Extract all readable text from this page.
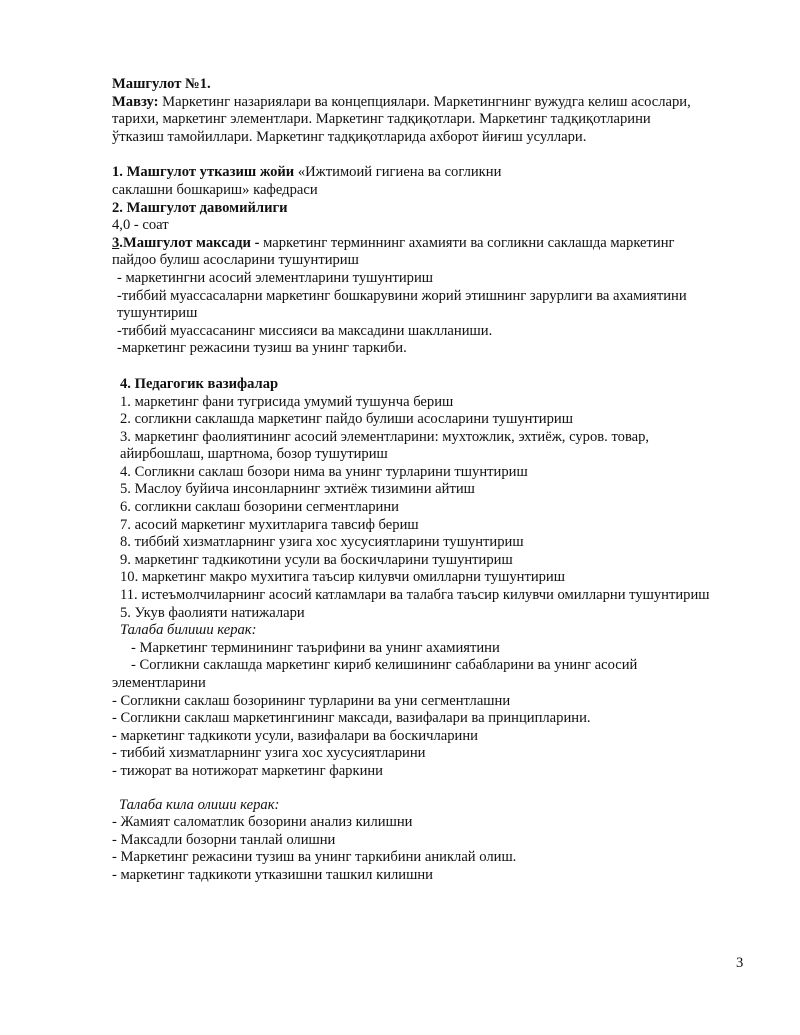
Машгулот №1.
Мавзу: Маркетинг назариялари ва концепциялари. Маркетингнинг вужудга келиш асослари,
тарихи, маркетинг элементлари. Маркетинг тадқиқотлари. Маркетинг тадқиқотларини
ўтказиш тамойиллари. Маркетинг тадқиқотларида ахборот йиғиш усуллари.
1. Машгулот утказиш жойи «Ижтимоий гигиена ва согликни
саклашни бошкариш» кафедраси
2. Машгулот давомийлиги
4,0 - соат
3.Машгулот максади - маркетинг терминнинг ахамияти ва согликни саклашда маркетинг
пайдоо булиш асосларини тушунтириш
- маркетингни асосий элементларини тушунтириш
-тиббий муассасаларни маркетинг бошкарувини жорий этишнинг зарурлиги ва ахамиятини
тушунтириш
-тиббий муассасанинг миссияси ва максадини шаклланиши.
-маркетинг режасини тузиш ва унинг таркиби.
4. Педагогик вазифалар
1. маркетинг фани тугрисида умумий тушунча бериш
2. согликни саклашда маркетинг пайдо булиши асосларини тушунтириш
3. маркетинг фаолиятининг асосий элементларини: мухтожлик, эхтиёж, суров. товар,
айирбошлаш, шартнома, бозор тушутириш
4. Согликни саклаш бозори нима ва унинг турларини тшунтириш
5. Маслоу буйича инсонларнинг эхтиёж тизимини айтиш
6. согликни саклаш бозорини сегментларини
7. асосий маркетинг мухитларига тавсиф бериш
8. тиббий хизматларнинг узига хос хусусиятларини тушунтириш
9. маркетинг тадкикотини усули ва боскичларини тушунтириш
10. маркетинг макро мухитига таъсир килувчи омилларни тушунтириш
11. истеъмолчиларнинг асосий катламлари ва талабга таъсир килувчи омилларни тушунтириш
5. Укув фаолияти натижалари
Талаба билиши керак:
- Маркетинг терминининг таърифини ва унинг ахамиятини
- Согликни саклашда маркетинг кириб келишининг сабабларини ва унинг асосий
элементларини
- Согликни саклаш бозорининг турларини ва уни сегментлашни
- Согликни саклаш маркетингининг максади, вазифалари ва принципларини.
- маркетинг тадкикоти усули, вазифалари ва боскичларини
- тиббий хизматларнинг узига хос хусусиятларини
- тижорат ва нотижорат маркетинг фаркини
Талаба кила олиши керак:
- Жамият саломатлик бозорини анализ килишни
- Максадли бозорни танлай олишни
- Маркетинг режасини тузиш ва унинг таркибини аниклай олиш.
- маркетинг тадкикоти утказишни ташкил килишни
3
